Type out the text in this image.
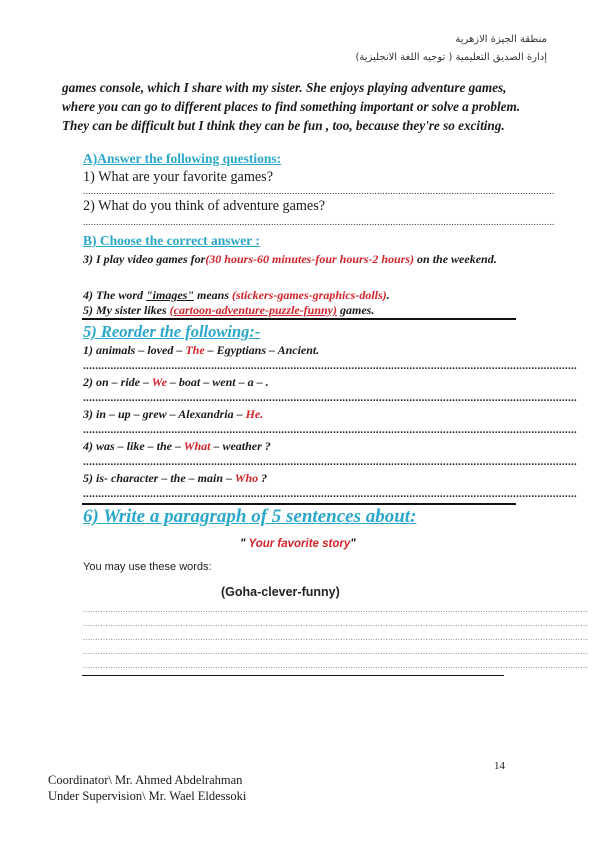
منطقة الجيزة الازهرية
إدارة الصديق التعليمية ( توجيه اللغة الانجليزية)
games console, which I share with my sister. She enjoys playing adventure games, where you can go to different places to find something important or solve a problem. They can be difficult but I think they can be fun , too, because they're so exciting.
A)Answer the following questions:
1) What are your favorite games?
..................................................................................................................................................................................
2) What do you think of adventure games?
..................................................................................................................................................................................
B) Choose the correct answer :
3) I play video games for(30 hours-60 minutes-four hours-2 hours) on the weekend.
4) The word "images" means (stickers-games-graphics-dolls).
5) My sister likes (cartoon-adventure-puzzle-funny) games.
5) Reorder the following:-
1) animals – loved – The – Egyptians – Ancient.
..................................................................................................................................................................
2) on – ride – We – boat – went – a – .
..................................................................................................................................................................
3) in – up – grew – Alexandria – He.
..................................................................................................................................................................
4) was – like – the – What – weather ?
..................................................................................................................................................................
5) is- character – the – main – Who ?
..................................................................................................................................................................
6) Write a paragraph of 5 sentences about:
" Your favorite story"
You may use these words:
(Goha-clever-funny)
..........................................................................................................................................................................................................
..........................................................................................................................................................................................................
..........................................................................................................................................................................................................
..........................................................................................................................................................................................................
..........................................................................................................................................................................................................
14
Coordinator\ Mr. Ahmed Abdelrahman
Under Supervision\ Mr. Wael Eldessoki
